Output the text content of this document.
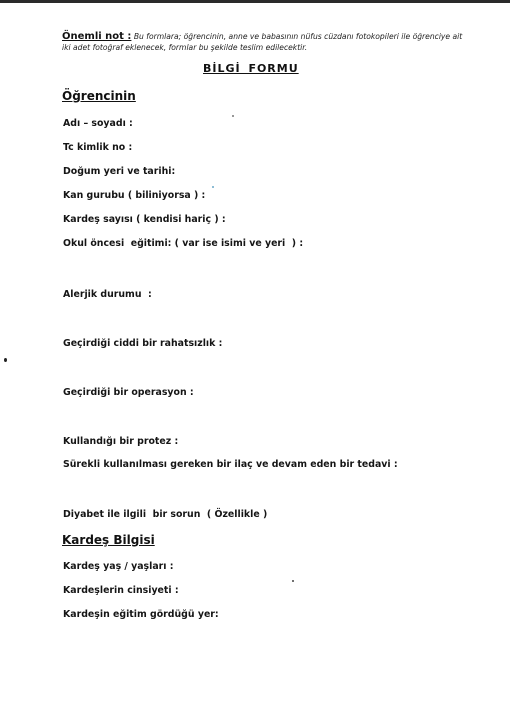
Önemli not : Bu formlara; öğrencinin, anne ve babasının nüfus cüzdanı fotokopileri ile öğrenciye ait iki adet fotoğraf eklenecek, formlar bu şekilde teslim edilecektir.
BİLGİ FORMU
Öğrencinin
Adı – soyadı :
Tc kimlik no :
Doğum yeri ve tarihi:
Kan gurubu ( biliniyorsa ) :
Kardeş sayısı ( kendisi hariç ) :
Okul öncesi  eğitimi: ( var ise isimi ve yeri  ) :
Alerjik durumu  :
Geçirdiği ciddi bir rahatsızlık :
Geçirdiği bir operasyon :
Kullandığı bir protez :
Sürekli kullanılması gereken bir ilaç ve devam eden bir tedavi :
Diyabet ile ilgili  bir sorun  ( Özellikle )
Kardeş Bilgisi
Kardeş yaş / yaşları :
Kardeşlerin cinsiyeti :
Kardeşin eğitim gördüğü yer:
